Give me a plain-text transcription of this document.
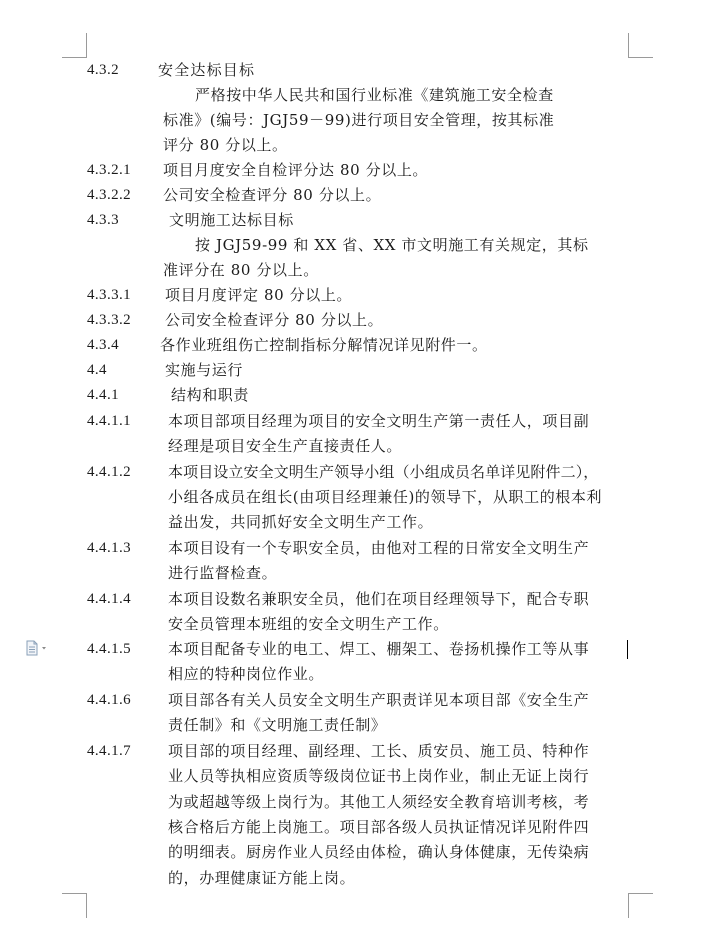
4.3.2	安全达标目标
严格按中华人民共和国行业标准《建筑施工安全检查
标准》(编号：JGJ59－99)进行项目安全管理，按其标准
评分 80 分以上。
4.3.2.1 项目月度安全自检评分达 80 分以上。
4.3.2.2 公司安全检查评分 80 分以上。
4.3.3	文明施工达标目标
按 JGJ59-99 和 XX 省、XX 市文明施工有关规定，其标
准评分在 80 分以上。
4.3.3.1 项目月度评定 80 分以上。
4.3.3.2 公司安全检查评分 80 分以上。
4.3.4	各作业班组伤亡控制指标分解情况详见附件一。
4.4	实施与运行
4.4.1	结构和职责
4.4.1.1 本项目部项目经理为项目的安全文明生产第一责任人，项目副
经理是项目安全生产直接责任人。
4.4.1.2 本项目设立安全文明生产领导小组（小组成员名单详见附件二），
小组各成员在组长(由项目经理兼任)的领导下，从职工的根本利
益出发，共同抓好安全文明生产工作。
4.4.1.3 本项目设有一个专职安全员，由他对工程的日常安全文明生产
进行监督检查。
4.4.1.4 本项目设数名兼职安全员，他们在项目经理领导下，配合专职
安全员管理本班组的安全文明生产工作。
4.4.1.5 本项目配备专业的电工、焊工、棚架工、卷扬机操作工等从事
相应的特种岗位作业。
4.4.1.6 项目部各有关人员安全文明生产职责详见本项目部《安全生产
责任制》和《文明施工责任制》
4.4.1.7 项目部的项目经理、副经理、工长、质安员、施工员、特种作
业人员等执相应资质等级岗位证书上岗作业，制止无证上岗行
为或超越等级上岗行为。其他工人须经安全教育培训考核，考
核合格后方能上岗施工。项目部各级人员执证情况详见附件四
的明细表。厨房作业人员经由体检，确认身体健康，无传染病
的，办理健康证方能上岗。
